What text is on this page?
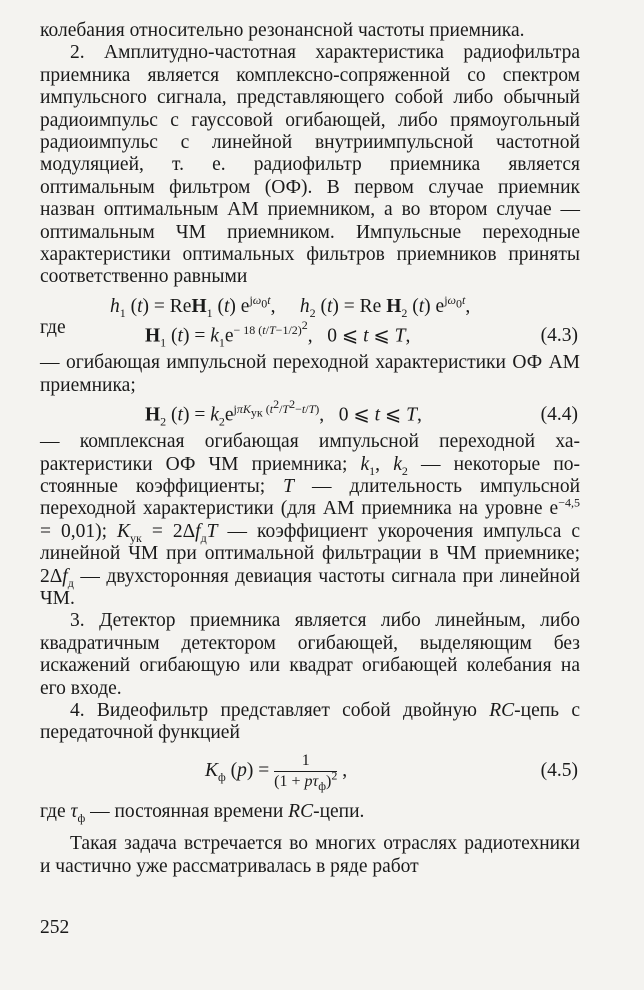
колебания относительно резонансной частоты приемника.

2. Амплитудно-частотная характеристика радиофильтра приемника является комплексно-сопряженной со спектром импульсного сигнала, представляющего собой либо обычный радиоимпульс с гауссовой огибающей, либо прямоугольный радиоимпульс с линейной внутриимпульсной частотной модуляцией, т. е. радиофильтр приемника является оптимальным фильтром (ОФ). В первом случае приемник назван оптимальным АМ приемником, а во втором случае — оптимальным ЧМ приемником. Импульсные переходные характеристики оптимальных фильтров приемников приняты соответственно равными

$h_1$ (t) = ReH$_1$ (t) $e^{j\omega_0t}$,     $h_2$ (t) = Re $H_2$ (t) $e^{j\omega_0t}$,

где	$H_1$ $(t) = k_1e^{- 18 (t/T-1/2)^2}$,   0 ⩽ t ⩽ T,	(4.3)

— огибающая импульсной переходной характеристики ОФ АМ приемника;

$H_2$ $(t) = k_2e^{j\pi K_{ук} (t^2/T^2-t/T)}$,   0 ⩽ t ⩽ T,	(4.4)

— комплексная огибающая импульсной переходной характеристики ОФ ЧМ приемника; $k_1$, $k_2$ — некоторые постоянные коэффициенты; T — длительность импульсной переходной характеристики (для АМ приемника на уровне $e^{-4,5} = 0,01$); $K_{ук} = 2\Delta f_дT$ — коэффициент укорочения импульса с линейной ЧМ при оптимальной фильтрации в ЧМ приемнике; $2\Delta f_д$ — двухсторонняя девиация частоты сигнала при линейной ЧМ.

3. Детектор приемника является либо линейным, либо квадратичным детектором огибающей, выделяющим без искажений огибающую или квадрат огибающей колебания на его входе.

4. Видеофильтр представляет собой двойную RC-цепь с передаточной функцией

$K_ф$ $(p) = \frac{1}{(1 + p\tau_ф)^2}$ ,	(4.5)

где $\tau_ф$ — постоянная времени RC-цепи.

Такая задача встречается во многих отраслях радиотехники и частично уже рассматривалась в ряде работ

252
